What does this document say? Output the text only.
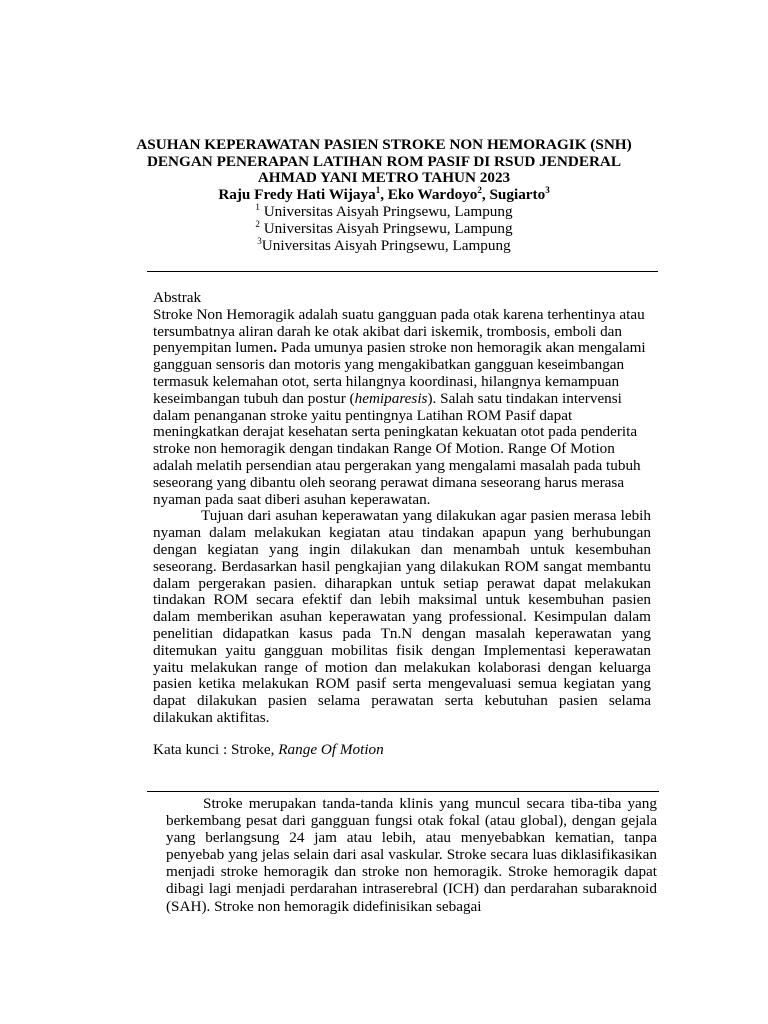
ASUHAN KEPERAWATAN PASIEN STROKE NON HEMORAGIK (SNH)
DENGAN PENERAPAN LATIHAN ROM PASIF DI RSUD JENDERAL
AHMAD YANI METRO TAHUN 2023
Raju Fredy Hati Wijaya$^1$, Eko Wardoyo$^2$, Sugiarto$^3$
$^1$ Universitas Aisyah Pringsewu, Lampung
$^2$ Universitas Aisyah Pringsewu, Lampung
$^3$Universitas Aisyah Pringsewu, Lampung

Abstrak

Stroke Non Hemoragik adalah suatu gangguan pada otak karena terhentinya atau tersumbatnya aliran darah ke otak akibat dari iskemik, trombosis, emboli dan penyempitan lumen. Pada umunya pasien stroke non hemoragik akan mengalami gangguan sensoris dan motoris yang mengakibatkan gangguan keseimbangan termasuk kelemahan otot, serta hilangnya koordinasi, hilangnya kemampuan keseimbangan tubuh dan postur (hemiparesis). Salah satu tindakan intervensi dalam penanganan stroke yaitu pentingnya Latihan ROM Pasif dapat meningkatkan derajat kesehatan serta peningkatan kekuatan otot pada penderita stroke non hemoragik dengan tindakan Range Of Motion. Range Of Motion adalah melatih persendian atau pergerakan yang mengalami masalah pada tubuh seseorang yang dibantu oleh seorang perawat dimana seseorang harus merasa nyaman pada saat diberi asuhan keperawatan.

Tujuan dari asuhan keperawatan yang dilakukan agar pasien merasa lebih nyaman dalam melakukan kegiatan atau tindakan apapun yang berhubungan dengan kegiatan yang ingin dilakukan dan menambah untuk kesembuhan seseorang. Berdasarkan hasil pengkajian yang dilakukan ROM sangat membantu dalam pergerakan pasien. diharapkan untuk setiap perawat dapat melakukan tindakan ROM secara efektif dan lebih maksimal untuk kesembuhan pasien dalam memberikan asuhan keperawatan yang professional. Kesimpulan dalam penelitian didapatkan kasus pada Tn.N dengan masalah keperawatan yang ditemukan yaitu gangguan mobilitas fisik dengan Implementasi keperawatan yaitu melakukan range of motion dan melakukan kolaborasi dengan keluarga pasien ketika melakukan ROM pasif serta mengevaluasi semua kegiatan yang dapat dilakukan pasien selama perawatan serta kebutuhan pasien selama dilakukan aktifitas.

Kata kunci : Stroke, Range Of Motion

Stroke merupakan tanda-tanda klinis yang muncul secara tiba-tiba yang berkembang pesat dari gangguan fungsi otak fokal (atau global), dengan gejala yang berlangsung 24 jam atau lebih, atau menyebabkan kematian, tanpa penyebab yang jelas selain dari asal vaskular. Stroke secara luas diklasifikasikan menjadi stroke hemoragik dan stroke non hemoragik. Stroke hemoragik dapat dibagi lagi menjadi perdarahan intraserebral (ICH) dan perdarahan subaraknoid (SAH). Stroke non hemoragik didefinisikan sebagai
